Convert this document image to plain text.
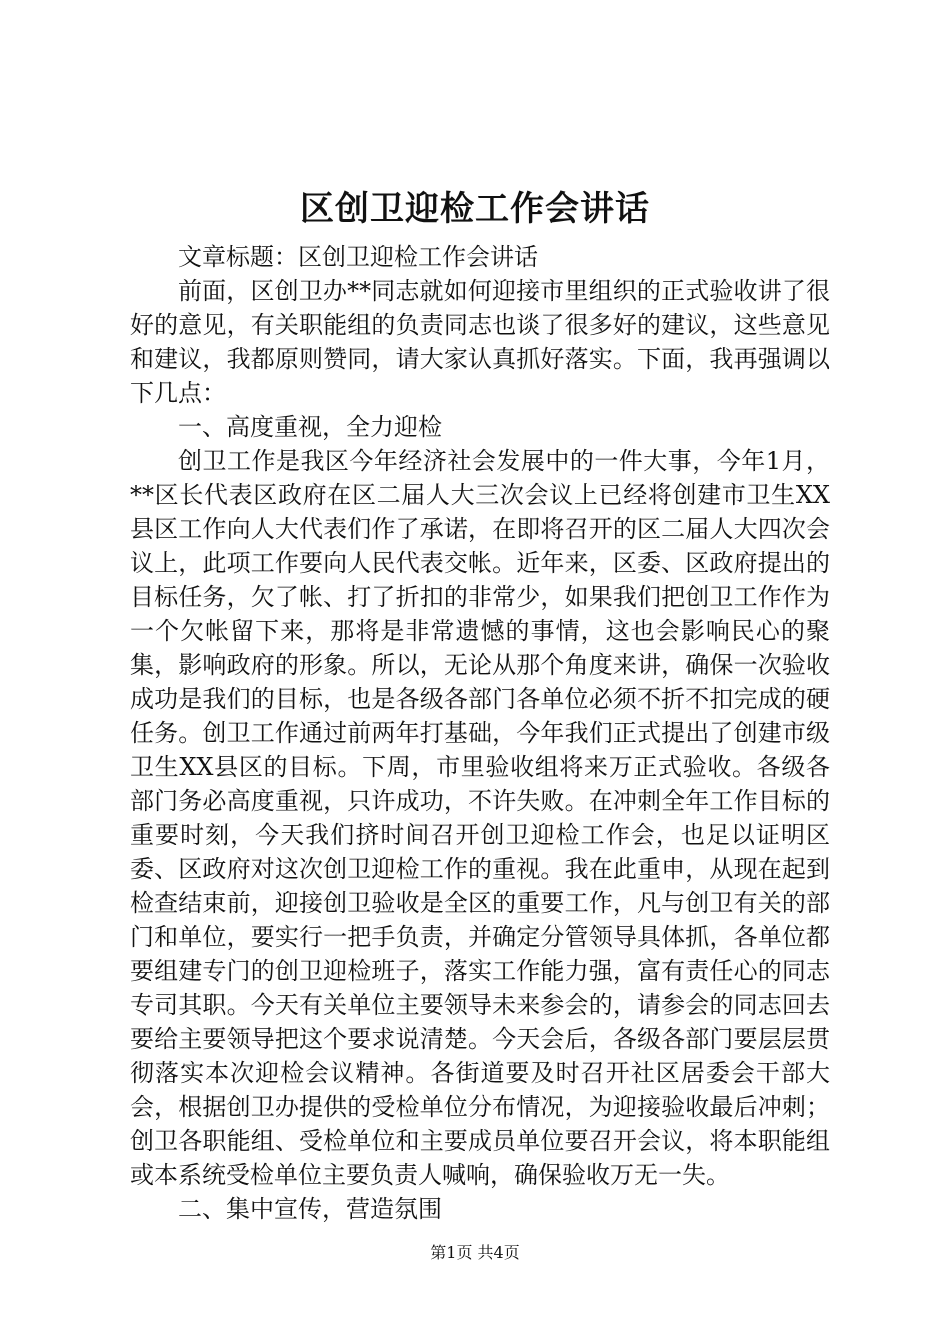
区创卫迎检工作会讲话

文章标题：区创卫迎检工作会讲话

前面，区创卫办**同志就如何迎接市里组织的正式验收讲了很好的意见，有关职能组的负责同志也谈了很多好的建议，这些意见和建议，我都原则赞同，请大家认真抓好落实。下面，我再强调以下几点：

一、高度重视，全力迎检

创卫工作是我区今年经济社会发展中的一件大事，今年1月，**区长代表区政府在区二届人大三次会议上已经将创建市卫生XX县区工作向人大代表们作了承诺，在即将召开的区二届人大四次会议上，此项工作要向人民代表交帐。近年来，区委、区政府提出的目标任务，欠了帐、打了折扣的非常少，如果我们把创卫工作作为一个欠帐留下来，那将是非常遗憾的事情，这也会影响民心的聚集，影响政府的形象。所以，无论从那个角度来讲，确保一次验收成功是我们的目标，也是各级各部门各单位必须不折不扣完成的硬任务。创卫工作通过前两年打基础，今年我们正式提出了创建市级卫生XX县区的目标。下周，市里验收组将来万正式验收。各级各部门务必高度重视，只许成功，不许失败。在冲刺全年工作目标的重要时刻，今天我们挤时间召开创卫迎检工作会，也足以证明区委、区政府对这次创卫迎检工作的重视。我在此重申，从现在起到检查结束前，迎接创卫验收是全区的重要工作，凡与创卫有关的部门和单位，要实行一把手负责，并确定分管领导具体抓，各单位都要组建专门的创卫迎检班子，落实工作能力强，富有责任心的同志专司其职。今天有关单位主要领导未来参会的，请参会的同志回去要给主要领导把这个要求说清楚。今天会后，各级各部门要层层贯彻落实本次迎检会议精神。各街道要及时召开社区居委会干部大会，根据创卫办提供的受检单位分布情况，为迎接验收最后冲刺；创卫各职能组、受检单位和主要成员单位要召开会议，将本职能组或本系统受检单位主要负责人喊响，确保验收万无一失。

二、集中宣传，营造氛围

第1页 共4页
